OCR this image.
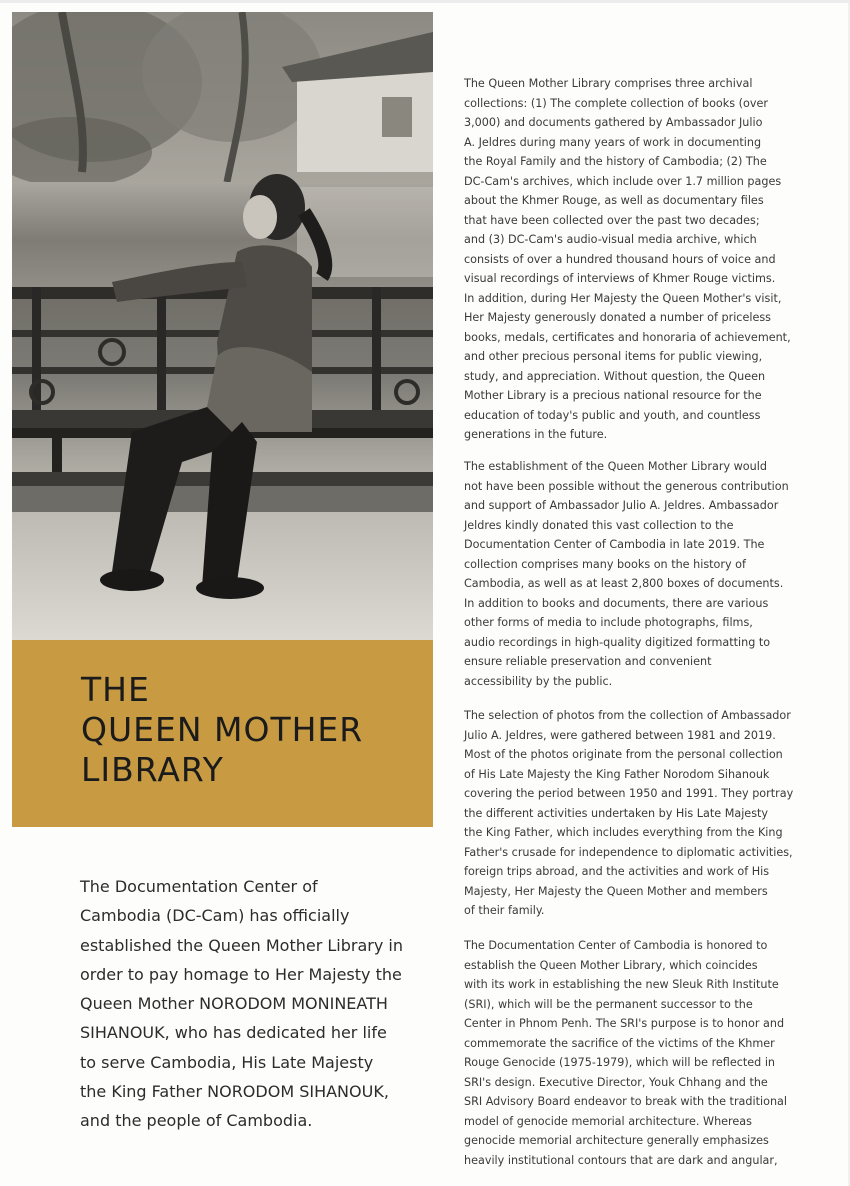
THE
QUEEN MOTHER
LIBRARY

The Documentation Center of
Cambodia (DC-Cam) has officially
established the Queen Mother Library in
order to pay homage to Her Majesty the
Queen Mother NORODOM MONINEATH
SIHANOUK, who has dedicated her life
to serve Cambodia, His Late Majesty
the King Father NORODOM SIHANOUK,
and the people of Cambodia.

The Queen Mother Library comprises three archival
collections: (1) The complete collection of books (over
3,000) and documents gathered by Ambassador Julio
A. Jeldres during many years of work in documenting
the Royal Family and the history of Cambodia; (2) The
DC-Cam's archives, which include over 1.7 million pages
about the Khmer Rouge, as well as documentary files
that have been collected over the past two decades;
and (3) DC-Cam's audio-visual media archive, which
consists of over a hundred thousand hours of voice and
visual recordings of interviews of Khmer Rouge victims.
In addition, during Her Majesty the Queen Mother's visit,
Her Majesty generously donated a number of priceless
books, medals, certificates and honoraria of achievement,
and other precious personal items for public viewing,
study, and appreciation. Without question, the Queen
Mother Library is a precious national resource for the
education of today's public and youth, and countless
generations in the future.

The establishment of the Queen Mother Library would
not have been possible without the generous contribution
and support of Ambassador Julio A. Jeldres. Ambassador
Jeldres kindly donated this vast collection to the
Documentation Center of Cambodia in late 2019. The
collection comprises many books on the history of
Cambodia, as well as at least 2,800 boxes of documents.
In addition to books and documents, there are various
other forms of media to include photographs, films,
audio recordings in high-quality digitized formatting to
ensure reliable preservation and convenient
accessibility by the public.

The selection of photos from the collection of Ambassador
Julio A. Jeldres, were gathered between 1981 and 2019.
Most of the photos originate from the personal collection
of His Late Majesty the King Father Norodom Sihanouk
covering the period between 1950 and 1991. They portray
the different activities undertaken by His Late Majesty
the King Father, which includes everything from the King
Father's crusade for independence to diplomatic activities,
foreign trips abroad, and the activities and work of His
Majesty, Her Majesty the Queen Mother and members
of their family.

The Documentation Center of Cambodia is honored to
establish the Queen Mother Library, which coincides
with its work in establishing the new Sleuk Rith Institute
(SRI), which will be the permanent successor to the
Center in Phnom Penh. The SRI's purpose is to honor and
commemorate the sacrifice of the victims of the Khmer
Rouge Genocide (1975-1979), which will be reflected in
SRI's design. Executive Director, Youk Chhang and the
SRI Advisory Board endeavor to break with the traditional
model of genocide memorial architecture. Whereas
genocide memorial architecture generally emphasizes
heavily institutional contours that are dark and angular,
